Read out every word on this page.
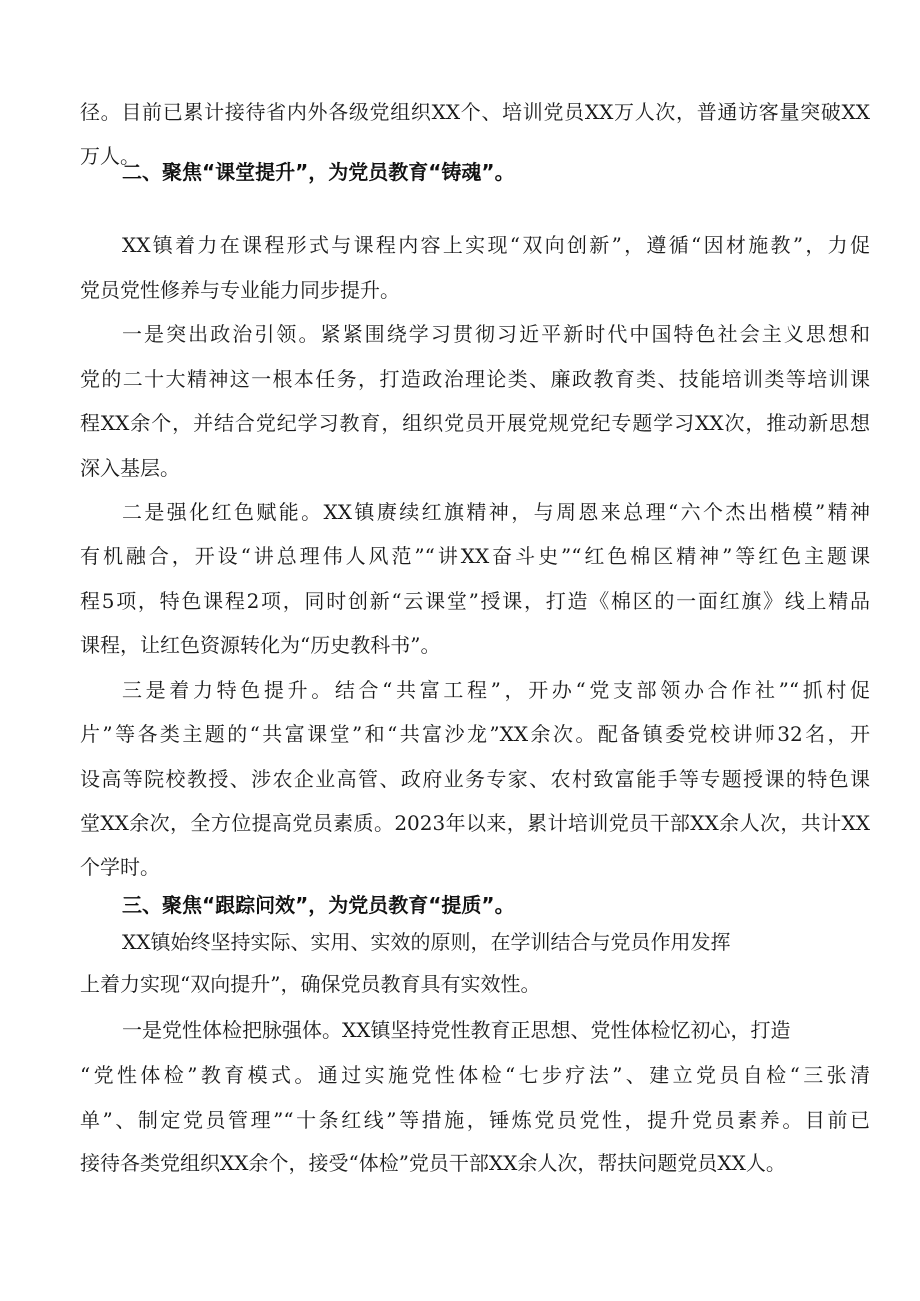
径。目前已累计接待省内外各级党组织XX个、培训党员XX万人次，普通访客量突破XX
万人。
二、聚焦“课堂提升”，为党员教育“铸魂”。
XX镇着力在课程形式与课程内容上实现“双向创新”，遵循“因材施教”，力促
党员党性修养与专业能力同步提升。
一是突出政治引领。紧紧围绕学习贯彻习近平新时代中国特色社会主义思想和
党的二十大精神这一根本任务，打造政治理论类、廉政教育类、技能培训类等培训课
程XX余个，并结合党纪学习教育，组织党员开展党规党纪专题学习XX次，推动新思想
深入基层。
二是强化红色赋能。XX镇赓续红旗精神，与周恩来总理“六个杰出楷模”精神
有机融合，开设“讲总理伟人风范”“讲XX奋斗史”“红色棉区精神”等红色主题课
程5项，特色课程2项，同时创新“云课堂”授课，打造《棉区的一面红旗》线上精品
课程，让红色资源转化为“历史教科书”。
三是着力特色提升。结合“共富工程”，开办“党支部领办合作社”“抓村促
片”等各类主题的“共富课堂”和“共富沙龙”XX余次。配备镇委党校讲师32名，开
设高等院校教授、涉农企业高管、政府业务专家、农村致富能手等专题授课的特色课
堂XX余次，全方位提高党员素质。2023年以来，累计培训党员干部XX余人次，共计XX
个学时。
三、聚焦“跟踪问效”，为党员教育“提质”。
XX镇始终坚持实际、实用、实效的原则，在学训结合与党员作用发挥
上着力实现“双向提升”，确保党员教育具有实效性。
一是党性体检把脉强体。XX镇坚持党性教育正思想、党性体检忆初心，打造
“党性体检”教育模式。通过实施党性体检“七步疗法”、建立党员自检“三张清
单”、制定党员管理”“十条红线”等措施，锤炼党员党性，提升党员素养。目前已
接待各类党组织XX余个，接受“体检”党员干部XX余人次，帮扶问题党员XX人。
